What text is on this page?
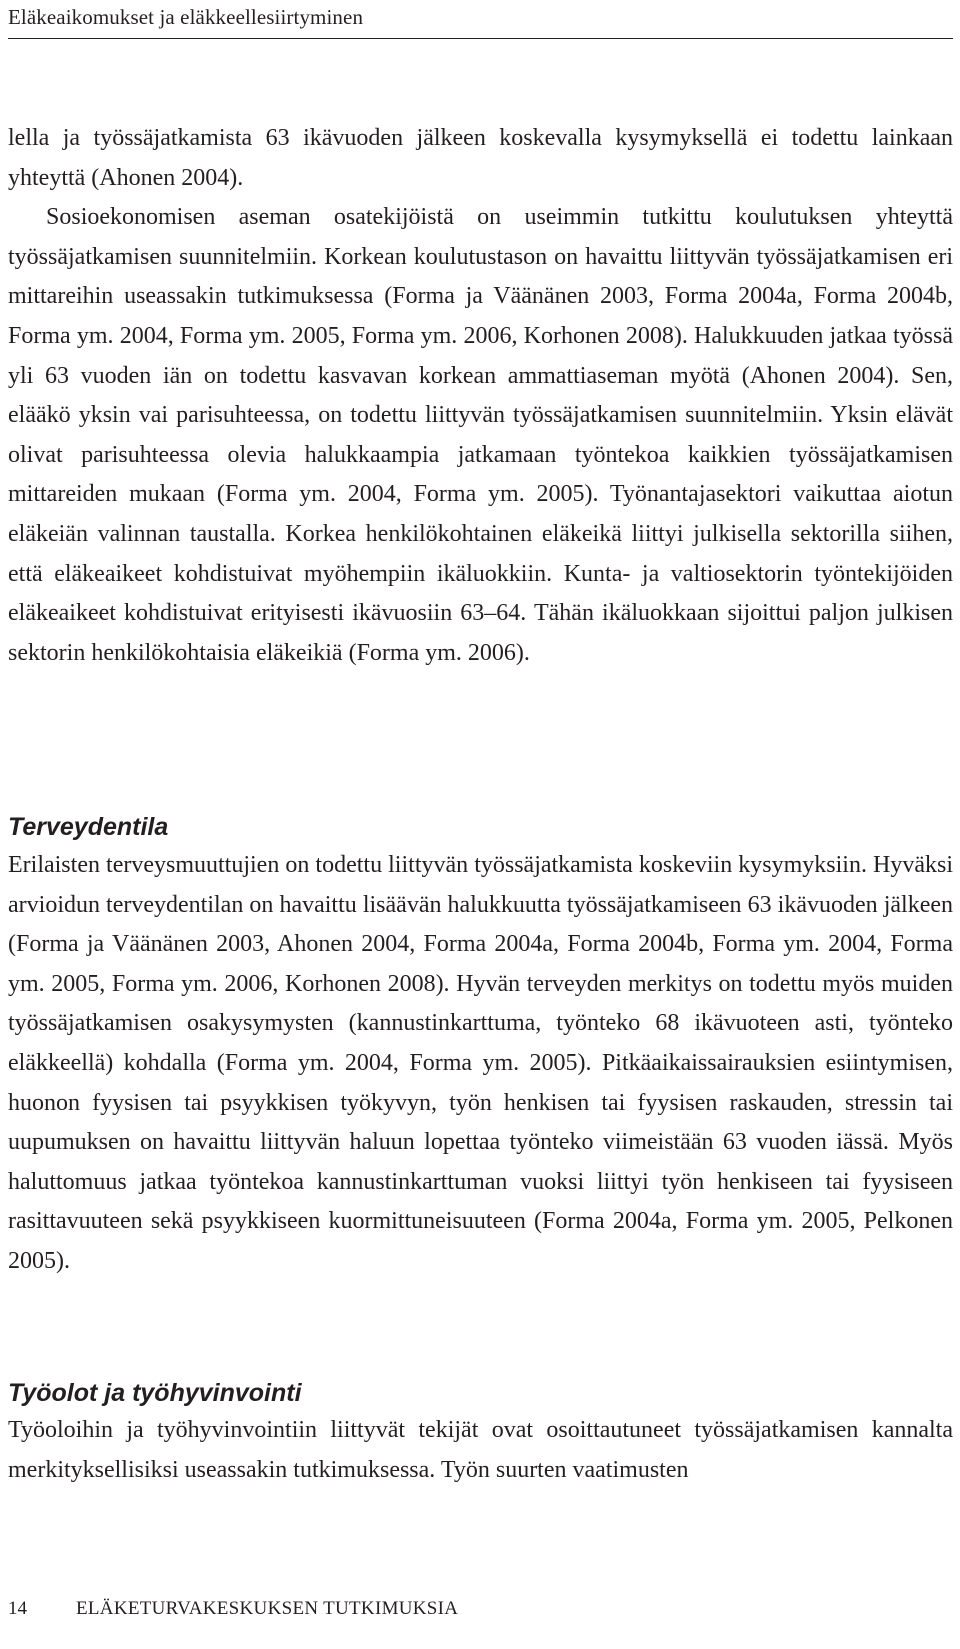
Eläkeaikomukset ja eläkkeellesiirtyminen

lella ja työssäjatkamista 63 ikävuoden jälkeen koskevalla kysymyksellä ei todettu lainkaan yhteyttä (Ahonen 2004).

Sosioekonomisen aseman osatekijöistä on useimmin tutkittu koulutuksen yhteyttä työssäjatkamisen suunnitelmiin. Korkean koulutustason on havaittu liittyvän työssäjatkamisen eri mittareihin useassakin tutkimuksessa (Forma ja Väänänen 2003, Forma 2004a, Forma 2004b, Forma ym. 2004, Forma ym. 2005, Forma ym. 2006, Korhonen 2008). Halukkuuden jatkaa työssä yli 63 vuoden iän on todettu kasvavan korkean ammattiaseman myötä (Ahonen 2004). Sen, elääkö yksin vai parisuhteessa, on todettu liittyvän työssäjatkamisen suunnitelmiin. Yksin elävät olivat parisuhteessa olevia halukkaampia jatkamaan työntekoa kaikkien työssäjatkamisen mittareiden mukaan (Forma ym. 2004, Forma ym. 2005). Työnantajasektori vaikuttaa aiotun eläkeiän valinnan taustalla. Korkea henkilökohtainen eläkeikä liittyi julkisella sektorilla siihen, että eläkeaikeet kohdistuivat myöhempiin ikäluokkiin. Kunta- ja valtiosektorin työntekijöiden eläkeaikeet kohdistuivat erityisesti ikävuosiin 63–64. Tähän ikäluokkaan sijoittui paljon julkisen sektorin henkilökohtaisia eläkeikiä (Forma ym. 2006).

Terveydentila

Erilaisten terveysmuuttujien on todettu liittyvän työssäjatkamista koskeviin kysymyksiin. Hyväksi arvioidun terveydentilan on havaittu lisäävän halukkuutta työssäjatkamiseen 63 ikävuoden jälkeen (Forma ja Väänänen 2003, Ahonen 2004, Forma 2004a, Forma 2004b, Forma ym. 2004, Forma ym. 2005, Forma ym. 2006, Korhonen 2008). Hyvän terveyden merkitys on todettu myös muiden työssäjatkamisen osakysymysten (kannustinkarttuma, työnteko 68 ikävuoteen asti, työnteko eläkkeellä) kohdalla (Forma ym. 2004, Forma ym. 2005). Pitkäaikaissairauksien esiintymisen, huonon fyysisen tai psyykkisen työkyvyn, työn henkisen tai fyysisen raskauden, stressin tai uupumuksen on havaittu liittyvän haluun lopettaa työnteko viimeistään 63 vuoden iässä. Myös haluttomuus jatkaa työntekoa kannustinkarttuman vuoksi liittyi työn henkiseen tai fyysiseen rasittavuuteen sekä psyykkiseen kuormittuneisuuteen (Forma 2004a, Forma ym. 2005, Pelkonen 2005).

Työolot ja työhyvinvointi

Työoloihin ja työhyvinvointiin liittyvät tekijät ovat osoittautuneet työssäjatkamisen kannalta merkityksellisiksi useassakin tutkimuksessa. Työn suurten vaatimusten

14	ELÄKETURVAKESKUKSEN TUTKIMUKSIA
